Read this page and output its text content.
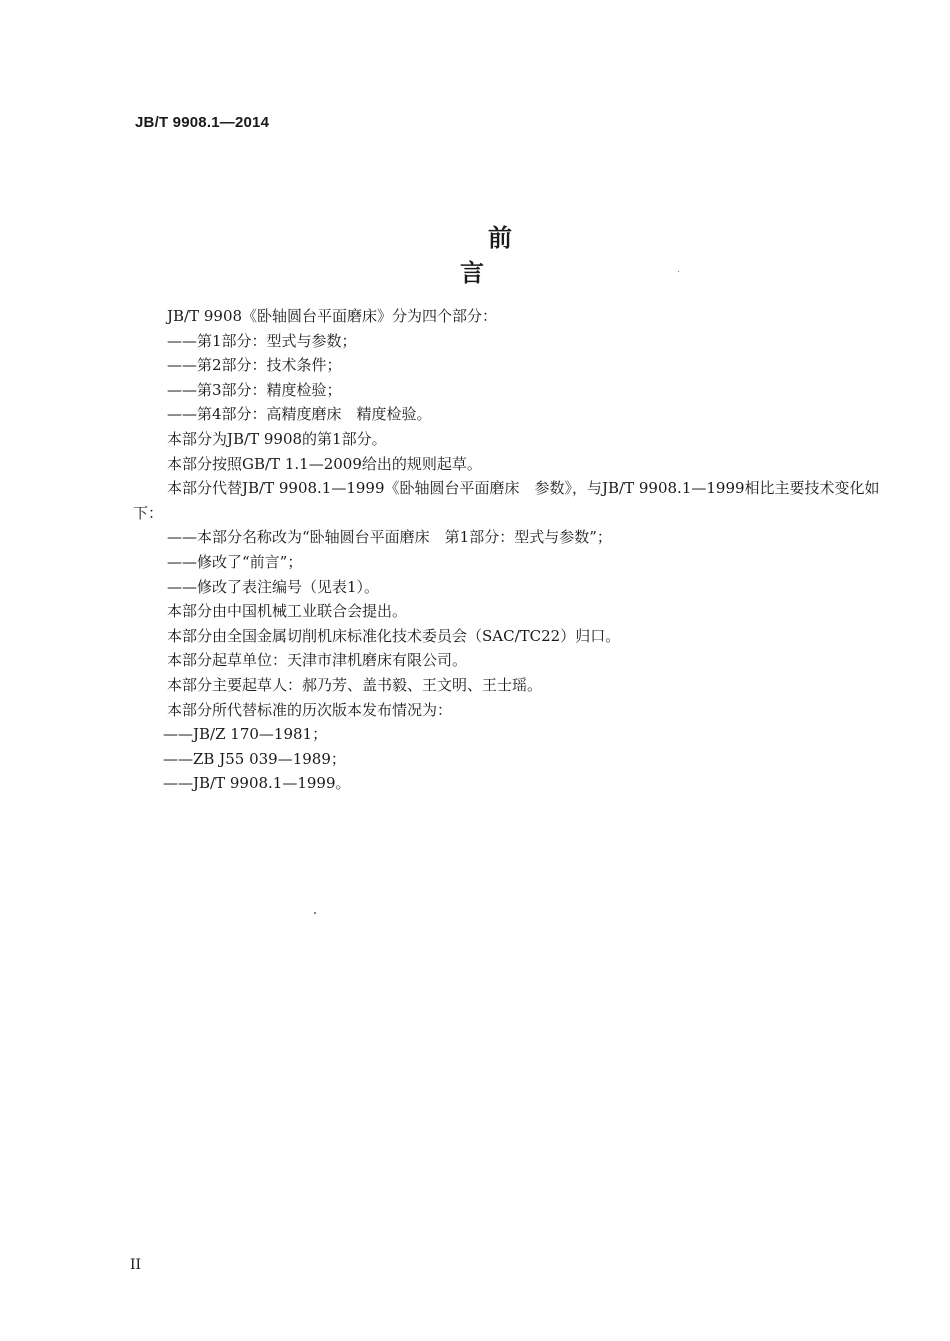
JB/T 9908.1—2014
前　言

JB/T 9908《卧轴圆台平面磨床》分为四个部分：

——第1部分：型式与参数；

——第2部分：技术条件；

——第3部分：精度检验；

——第4部分：高精度磨床　精度检验。

本部分为JB/T 9908的第1部分。

本部分按照GB/T 1.1—2009给出的规则起草。

本部分代替JB/T 9908.1—1999《卧轴圆台平面磨床　参数》，与JB/T 9908.1—1999相比主要技术变化如下：

——本部分名称改为“卧轴圆台平面磨床　第1部分：型式与参数”；

——修改了“前言”；

——修改了表注编号（见表1）。

本部分由中国机械工业联合会提出。

本部分由全国金属切削机床标准化技术委员会（SAC/TC22）归口。

本部分起草单位：天津市津机磨床有限公司。

本部分主要起草人：郝乃芳、盖书毅、王文明、王士瑶。

本部分所代替标准的历次版本发布情况为：

——JB/Z 170—1981；

——ZB J55 039—1989；

——JB/T 9908.1—1999。

II
